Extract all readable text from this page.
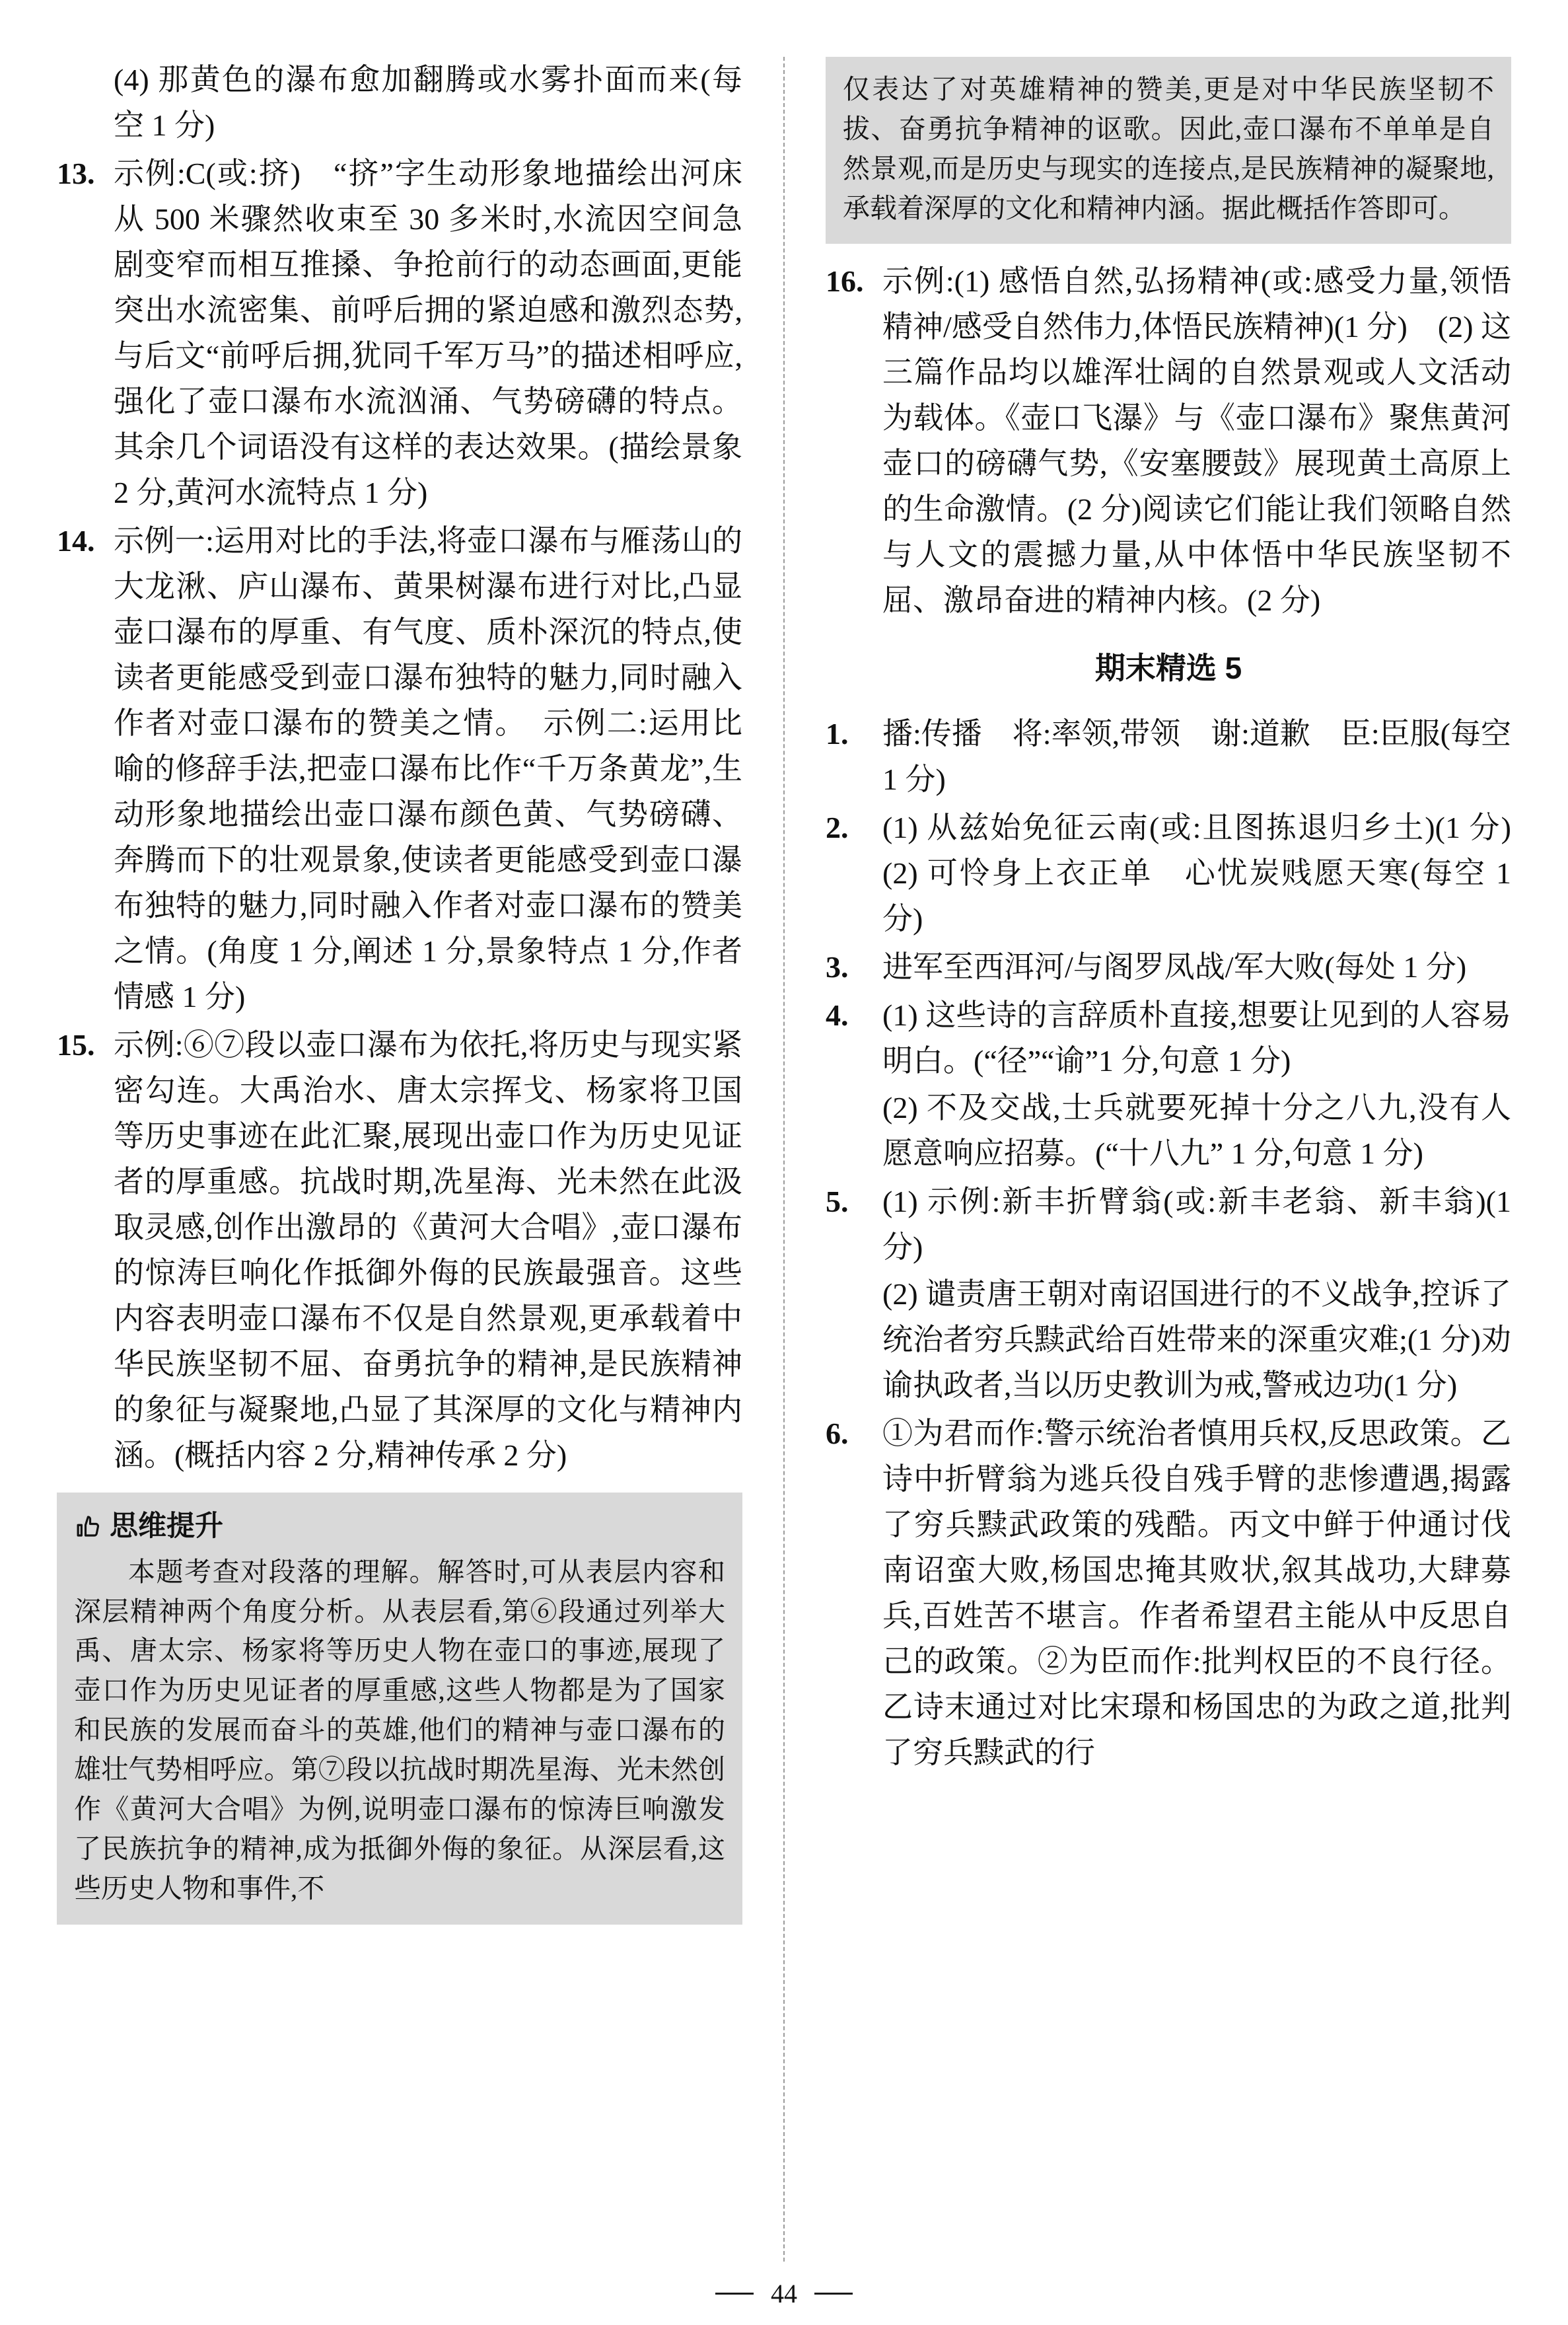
(4) 那黄色的瀑布愈加翻腾或水雾扑面而来(每空 1 分)

13. 示例:C(或:挤)　“挤”字生动形象地描绘出河床从 500 米骤然收束至 30 多米时,水流因空间急剧变窄而相互推搡、争抢前行的动态画面,更能突出水流密集、前呼后拥的紧迫感和激烈态势,与后文“前呼后拥,犹同千军万马”的描述相呼应,强化了壶口瀑布水流汹涌、气势磅礴的特点。其余几个词语没有这样的表达效果。(描绘景象 2 分,黄河水流特点 1 分)

14. 示例一:运用对比的手法,将壶口瀑布与雁荡山的大龙湫、庐山瀑布、黄果树瀑布进行对比,凸显壶口瀑布的厚重、有气度、质朴深沉的特点,使读者更能感受到壶口瀑布独特的魅力,同时融入作者对壶口瀑布的赞美之情。　示例二:运用比喻的修辞手法,把壶口瀑布比作“千万条黄龙”,生动形象地描绘出壶口瀑布颜色黄、气势磅礴、奔腾而下的壮观景象,使读者更能感受到壶口瀑布独特的魅力,同时融入作者对壶口瀑布的赞美之情。(角度 1 分,阐述 1 分,景象特点 1 分,作者情感 1 分)

15. 示例:⑥⑦段以壶口瀑布为依托,将历史与现实紧密勾连。大禹治水、唐太宗挥戈、杨家将卫国等历史事迹在此汇聚,展现出壶口作为历史见证者的厚重感。抗战时期,冼星海、光未然在此汲取灵感,创作出激昂的《黄河大合唱》,壶口瀑布的惊涛巨响化作抵御外侮的民族最强音。这些内容表明壶口瀑布不仅是自然景观,更承载着中华民族坚韧不屈、奋勇抗争的精神,是民族精神的象征与凝聚地,凸显了其深厚的文化与精神内涵。(概括内容 2 分,精神传承 2 分)

思维提升

本题考查对段落的理解。解答时,可从表层内容和深层精神两个角度分析。从表层看,第⑥段通过列举大禹、唐太宗、杨家将等历史人物在壶口的事迹,展现了壶口作为历史见证者的厚重感,这些人物都是为了国家和民族的发展而奋斗的英雄,他们的精神与壶口瀑布的雄壮气势相呼应。第⑦段以抗战时期冼星海、光未然创作《黄河大合唱》为例,说明壶口瀑布的惊涛巨响激发了民族抗争的精神,成为抵御外侮的象征。从深层看,这些历史人物和事件,不

仅表达了对英雄精神的赞美,更是对中华民族坚韧不拔、奋勇抗争精神的讴歌。因此,壶口瀑布不单单是自然景观,而是历史与现实的连接点,是民族精神的凝聚地,承载着深厚的文化和精神内涵。据此概括作答即可。

16. 示例:(1) 感悟自然,弘扬精神(或:感受力量,领悟精神/感受自然伟力,体悟民族精神)(1 分)　(2) 这三篇作品均以雄浑壮阔的自然景观或人文活动为载体。《壶口飞瀑》与《壶口瀑布》聚焦黄河壶口的磅礴气势,《安塞腰鼓》展现黄土高原上的生命激情。(2 分)阅读它们能让我们领略自然与人文的震撼力量,从中体悟中华民族坚韧不屈、激昂奋进的精神内核。(2 分)

期末精选 5
1.	播:传播　将:率领,带领　谢:道歉　臣:臣服(每空 1 分)

2.	(1) 从兹始免征云南(或:且图拣退归乡土)(1 分)　(2) 可怜身上衣正单　心忧炭贱愿天寒(每空 1 分)

3.	进军至西洱河/与阁罗凤战/军大败(每处 1 分)

4.	(1) 这些诗的言辞质朴直接,想要让见到的人容易明白。(“径”“谕”1 分,句意 1 分)

(2) 不及交战,士兵就要死掉十分之八九,没有人愿意响应招募。(“十八九” 1 分,句意 1 分)

5.	(1) 示例:新丰折臂翁(或:新丰老翁、新丰翁)(1 分)

(2) 谴责唐王朝对南诏国进行的不义战争,控诉了统治者穷兵黩武给百姓带来的深重灾难;(1 分)劝谕执政者,当以历史教训为戒,警戒边功(1 分)

6.	①为君而作:警示统治者慎用兵权,反思政策。乙诗中折臂翁为逃兵役自残手臂的悲惨遭遇,揭露了穷兵黩武政策的残酷。丙文中鲜于仲通讨伐南诏蛮大败,杨国忠掩其败状,叙其战功,大肆募兵,百姓苦不堪言。作者希望君主能从中反思自己的政策。②为臣而作:批判权臣的不良行径。乙诗末通过对比宋璟和杨国忠的为政之道,批判了穷兵黩武的行

44
